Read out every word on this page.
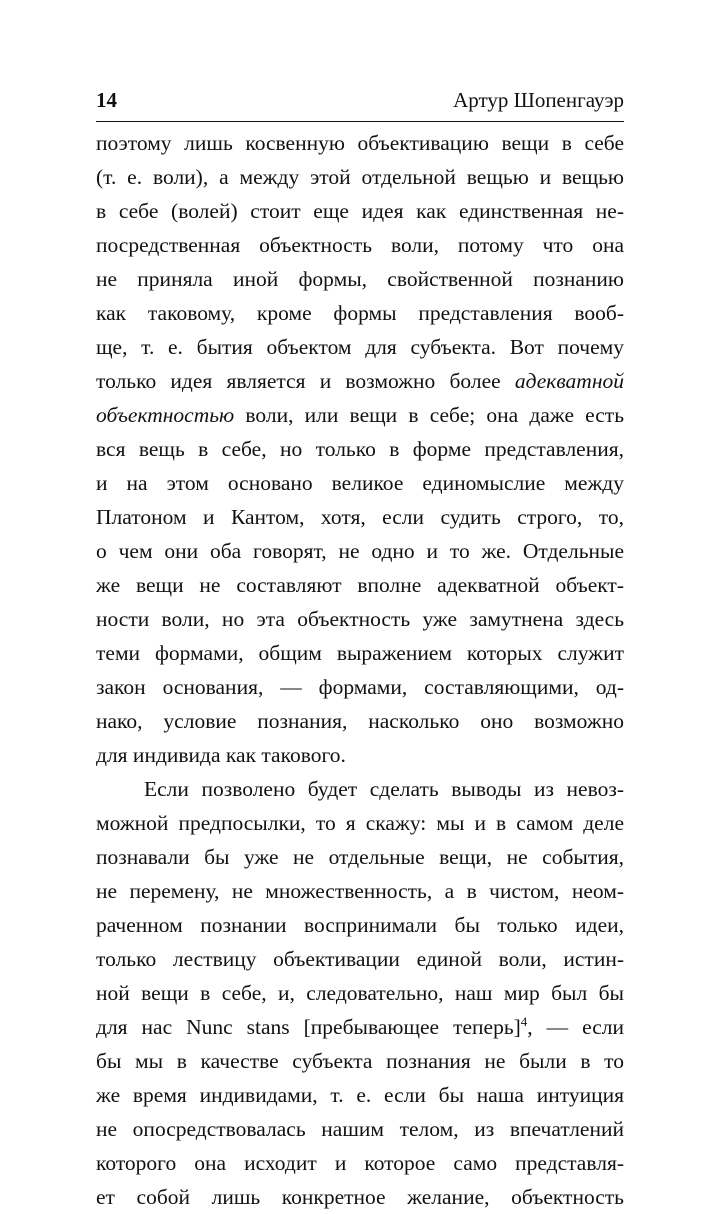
14	Артур Шопенгауэр
поэтому лишь косвенную объективацию вещи в себе
(т. е. воли), а между этой отдельной вещью и вещью
в себе (волей) стоит еще идея как единственная не-
посредственная объектность воли, потому что она
не приняла иной формы, свойственной познанию
как таковому, кроме формы представления вооб-
ще, т. е. бытия объектом для субъекта. Вот почему
только идея является и возможно более адекватной
объектностью воли, или вещи в себе; она даже есть
вся вещь в себе, но только в форме представления,
и на этом основано великое единомыслие между
Платоном и Кантом, хотя, если судить строго, то,
о чем они оба говорят, не одно и то же. Отдельные
же вещи не составляют вполне адекватной объект-
ности воли, но эта объектность уже замутнена здесь
теми формами, общим выражением которых служит
закон основания, — формами, составляющими, од-
нако, условие познания, насколько оно возможно
для индивида как такового.
Если позволено будет сделать выводы из невоз-
можной предпосылки, то я скажу: мы и в самом деле
познавали бы уже не отдельные вещи, не события,
не перемену, не множественность, а в чистом, неом-
раченном познании воспринимали бы только идеи,
только лествицу объективации единой воли, истин-
ной вещи в себе, и, следовательно, наш мир был бы
для нас Nunc stans [пребывающее теперь]$^4$, — если
бы мы в качестве субъекта познания не были в то
же время индивидами, т. е. если бы наша интуиция
не опосредствовалась нашим телом, из впечатлений
которого она исходит и которое само представля-
ет собой лишь конкретное желание, объектность
